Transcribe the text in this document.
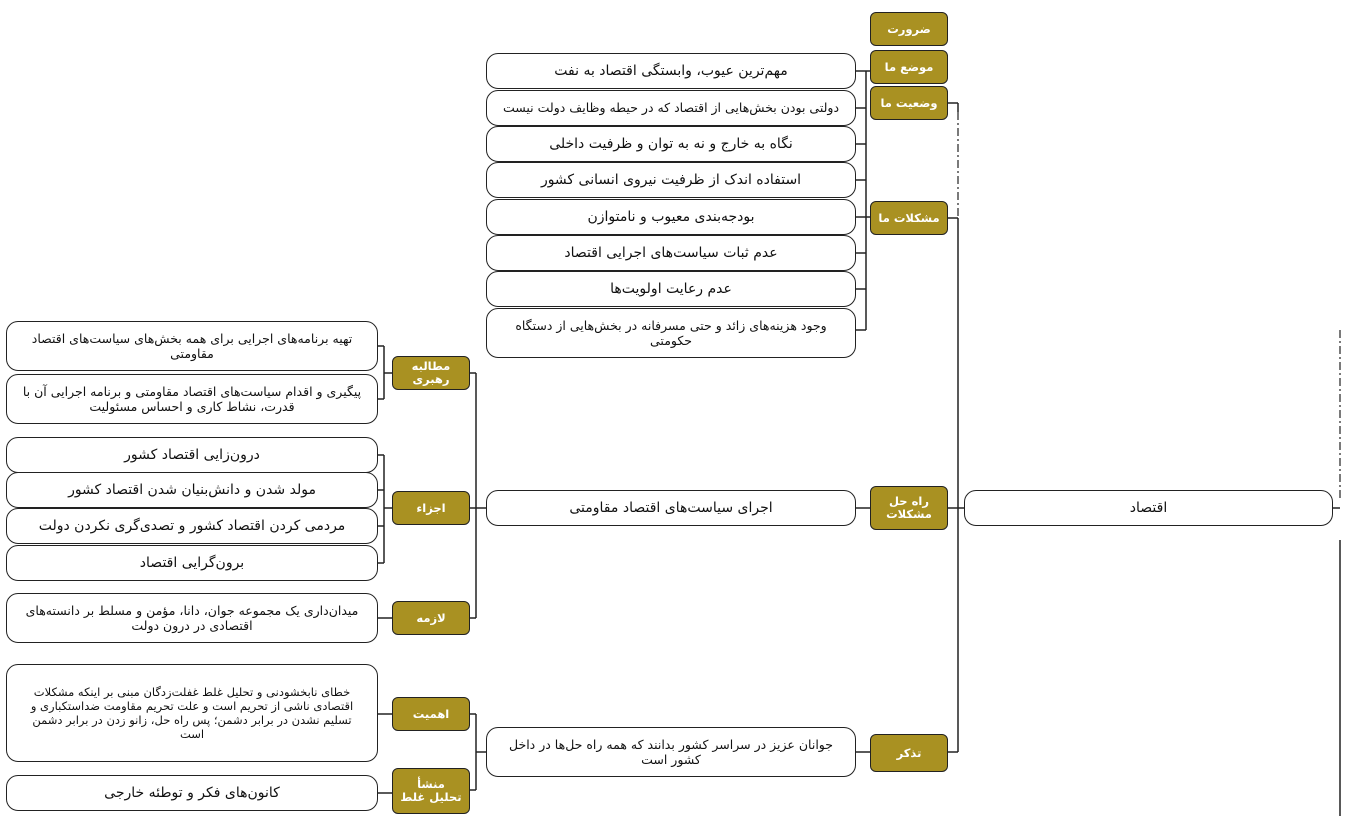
اقتصاد
ضرورت
موضع ما
وضعیت ما
مشکلات ما
راه حل مشکلات
تذکر
مهم‌ترین عیوب، وابستگی اقتصاد به نفت
دولتی بودن بخش‌هایی از اقتصاد که در حیطه وظایف دولت نیست
نگاه به خارج و نه به توان و ظرفیت داخلی
استفاده اندک از ظرفیت نیروی انسانی کشور
بودجه‌بندی معیوب و نامتوازن
عدم ثبات سیاست‌های اجرایی اقتصاد
عدم رعایت اولویت‌ها
وجود هزینه‌های زائد و حتی مسرفانه در بخش‌هایی از دستگاه حکومتی
اجرای سیاست‌های اقتصاد مقاومتی
مطالبه رهبری
اجزاء
لازمه
تهیه برنامه‌های اجرایی برای همه بخش‌های سیاست‌های اقتصاد مقاومتی
پیگیری و اقدام سیاست‌های اقتصاد مقاومتی و برنامه اجرایی آن با قدرت، نشاط کاری و احساس مسئولیت
درون‌زایی اقتصاد کشور
مولد شدن و دانش‌بنیان شدن اقتصاد کشور
مردمی کردن اقتصاد کشور و تصدی‌گری نکردن دولت
برون‌گرایی اقتصاد
میدان‌داری یک مجموعه جوان، دانا، مؤمن و مسلط بر دانسته‌های اقتصادی در درون دولت
جوانان عزیز در سراسر کشور بدانند که همه راه حل‌ها در داخل کشور است
اهمیت
منشأ تحلیل غلط
خطای نابخشودنی و تحلیل غلط غفلت‌زدگان مبنی بر اینکه مشکلات اقتصادی ناشی از تحریم است و علت تحریم مقاومت ضداستکباری و تسلیم نشدن در برابر دشمن؛ پس راه حل، زانو زدن در برابر دشمن است
کانون‌های فکر و توطئه خارجی
